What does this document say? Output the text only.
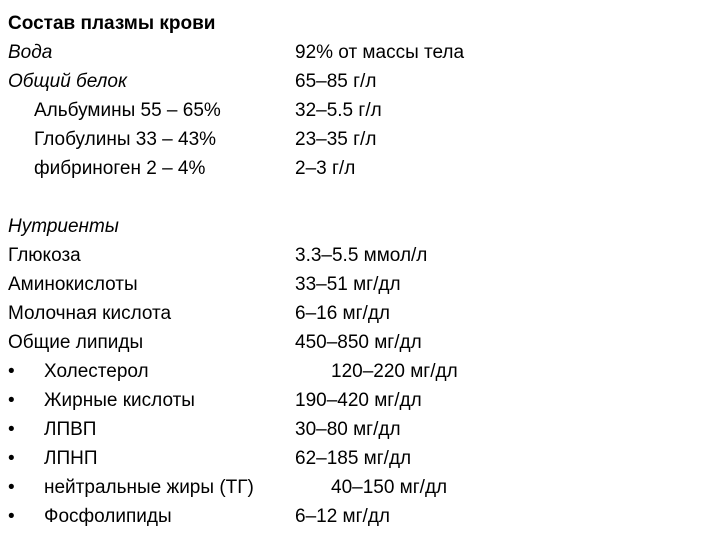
Состав плазмы крови
Вода	92% от массы тела
Общий белок	65–85 г/л
Альбумины 55 – 65%	32–5.5 г/л
Глобулины 33 – 43%	23–35 г/л
фибриноген 2 – 4%	2–3 г/л
Нутриенты
Глюкоза	3.3–5.5 ммол/л
Аминокислоты	33–51 мг/дл
Молочная кислота	6–16 мг/дл
Общие липиды	450–850 мг/дл
• Холестерол	120–220 мг/дл
• Жирные кислоты	190–420 мг/дл
• ЛПВП	30–80 мг/дл
• ЛПНП	62–185 мг/дл
• нейтральные жиры (ТГ)	40–150 мг/дл
• Фосфолипиды	6–12 мг/дл
